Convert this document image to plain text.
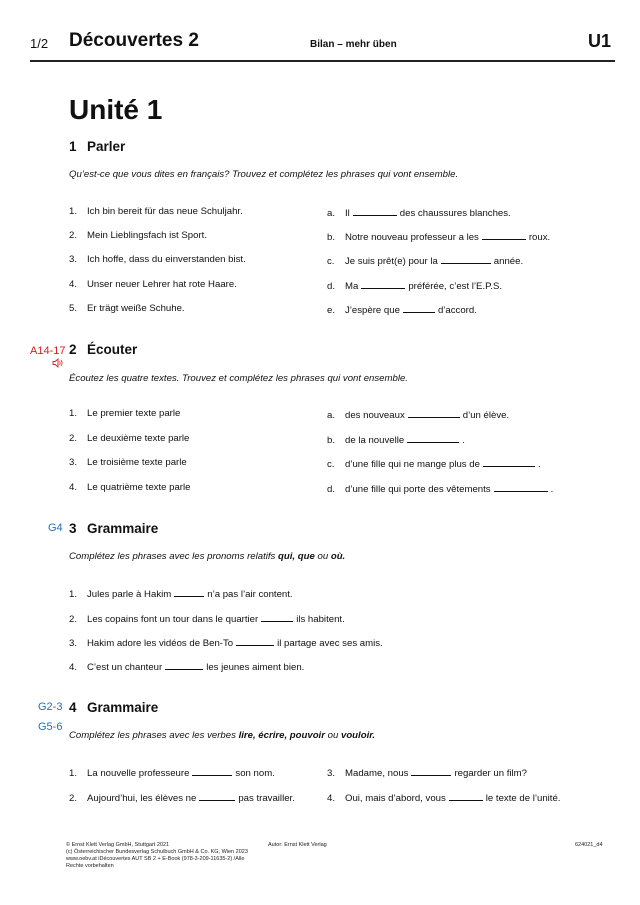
1/2 Découvertes 2	Bilan – mehr üben	U1
Unité 1
1 Parler
Qu’est-ce que vous dites en français? Trouvez et complétez les phrases qui vont ensemble.
1. Ich bin bereit für das neue Schuljahr.
2. Mein Lieblingsfach ist Sport.
3. Ich hoffe, dass du einverstanden bist.
4. Unser neuer Lehrer hat rote Haare.
5. Er trägt weiße Schuhe.
a. Il	des chaussures blanches.
b. Notre nouveau professeur a les	roux.
c. Je suis prêt(e) pour la	année.
d. Ma	préférée, c’est l’E.P.S.
e. J’espère que	d’accord.
A14-17 2 Écouter
Écoutez les quatre textes. Trouvez et complétez les phrases qui vont ensemble.
1. Le premier texte parle
2. Le deuxième texte parle
3. Le troisième texte parle
4. Le quatrième texte parle
a. des nouveaux	d’un élève.
b. de la nouvelle	.
c. d’une fille qui ne mange plus de	.
d. d’une fille qui porte des vêtements	.
G4 3 Grammaire
Complétez les phrases avec les pronoms relatifs qui, que ou où.
1. Jules parle à Hakim	n’a pas l’air content.
2. Les copains font un tour dans le quartier	ils habitent.
3. Hakim adore les vidéos de Ben-To	il partage avec ses amis.
4. C’est un chanteur	les jeunes aiment bien.
G2-3
G5-6
4 Grammaire
Complétez les phrases avec les verbes lire, écrire, pouvoir ou vouloir.
1. La nouvelle professeure	son nom.
2. Aujourd’hui, les élèves ne	pas travailler.
3. Madame, nous	regarder un film?
4. Oui, mais d’abord, vous	le texte de l’unité.
© Ernst Klett Verlag GmbH, Stuttgart 2021
(c) Österreichischer Bundesverlag Schulbuch GmbH & Co. KG, Wien 2023
www.oebv.at iDécouvertes AUT SB 2 + E-Book (978-3-209-11635-2) /Alle
Rechte vorbehalten
Autor: Ernst Klett Verlag	624021_d4
